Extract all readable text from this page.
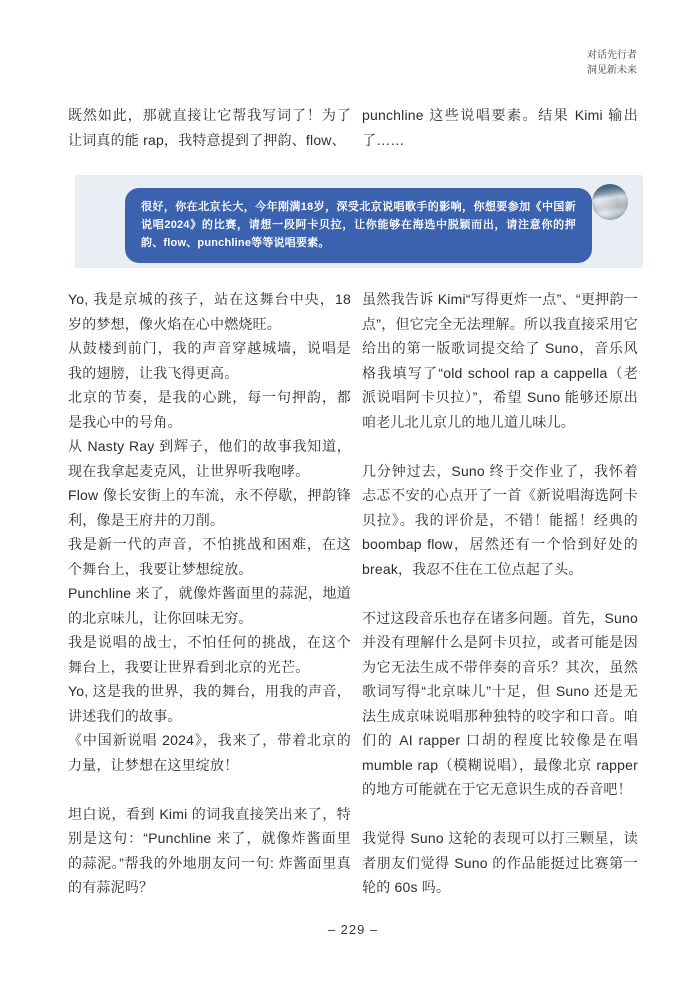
对话先行者
洞见新未来

既然如此，那就直接让它帮我写词了！为了让词真的能 rap，我特意提到了押韵、flow、

punchline 这些说唱要素。结果 Kimi 输出了……

很好，你在北京长大，今年刚满18岁，深受北京说唱歌手的影响，你想要参加《中国新说唱2024》的比赛，请想一段阿卡贝拉，让你能够在海选中脱颖而出，请注意你的押韵、flow、punchline等等说唱要素。

Yo, 我是京城的孩子，站在这舞台中央，18 岁的梦想，像火焰在心中燃烧旺。

从鼓楼到前门，我的声音穿越城墙，说唱是我的翅膀，让我飞得更高。

北京的节奏，是我的心跳，每一句押韵，都是我心中的号角。

从 Nasty Ray 到辉子，他们的故事我知道，现在我拿起麦克风，让世界听我咆哮。

Flow 像长安街上的车流，永不停歇，押韵锋利，像是王府井的刀削。

我是新一代的声音，不怕挑战和困难，在这个舞台上，我要让梦想绽放。

Punchline 来了，就像炸酱面里的蒜泥，地道的北京味儿，让你回味无穷。

我是说唱的战士，不怕任何的挑战，在这个舞台上，我要让世界看到北京的光芒。

Yo, 这是我的世界，我的舞台，用我的声音，讲述我们的故事。

《中国新说唱 2024》，我来了，带着北京的力量，让梦想在这里绽放！

坦白说，看到 Kimi 的词我直接笑出来了，特别是这句：“Punchline 来了，就像炸酱面里的蒜泥。”帮我的外地朋友问一句: 炸酱面里真的有蒜泥吗？

虽然我告诉 Kimi“写得更炸一点”、“更押韵一点”，但它完全无法理解。所以我直接采用它给出的第一版歌词提交给了 Suno，音乐风格我填写了“old school rap a cappella（老派说唱阿卡贝拉）”，希望 Suno 能够还原出咱老儿北儿京儿的地儿道儿味儿。

几分钟过去，Suno 终于交作业了，我怀着忐忑不安的心点开了一首《新说唱海选阿卡贝拉》。我的评价是，不错！能摇！经典的 boombap flow，居然还有一个恰到好处的 break，我忍不住在工位点起了头。

不过这段音乐也存在诸多问题。首先，Suno 并没有理解什么是阿卡贝拉，或者可能是因为它无法生成不带伴奏的音乐？其次，虽然歌词写得“北京味儿”十足，但 Suno 还是无法生成京味说唱那种独特的咬字和口音。咱们的 AI rapper 口胡的程度比较像是在唱 mumble rap（模糊说唱），最像北京 rapper 的地方可能就在于它无意识生成的吞音吧！

我觉得 Suno 这轮的表现可以打三颗星，读者朋友们觉得 Suno 的作品能挺过比赛第一轮的 60s 吗。

– 229 –
